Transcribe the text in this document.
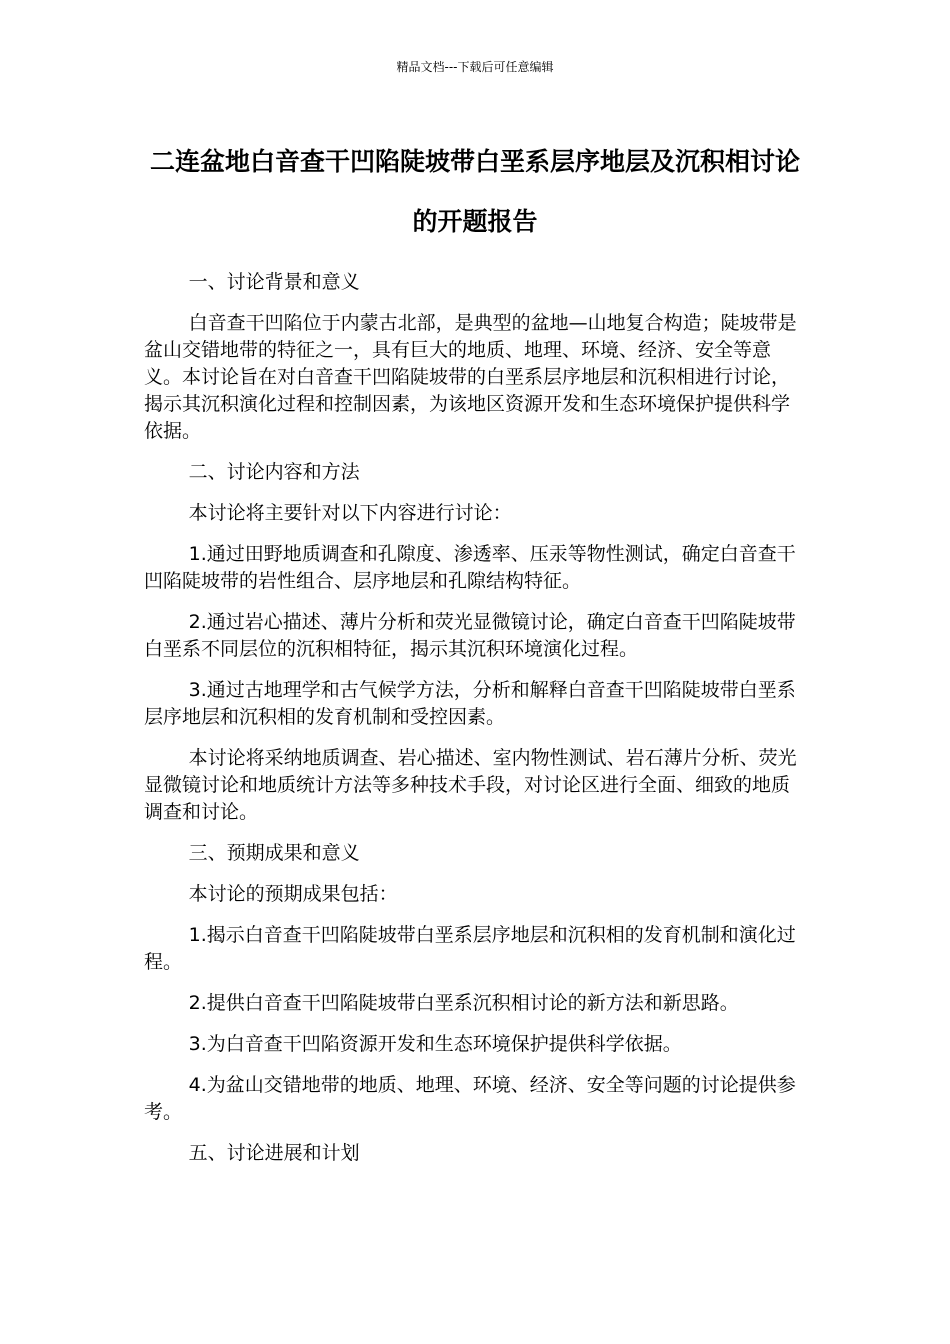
精品文档---下载后可任意编辑
二连盆地白音查干凹陷陡坡带白垩系层序地层及沉积相讨论的开题报告

一、讨论背景和意义

白音查干凹陷位于内蒙古北部，是典型的盆地—山地复合构造；陡坡带是盆山交错地带的特征之一，具有巨大的地质、地理、环境、经济、安全等意义。本讨论旨在对白音查干凹陷陡坡带的白垩系层序地层和沉积相进行讨论，揭示其沉积演化过程和控制因素，为该地区资源开发和生态环境保护提供科学依据。

二、讨论内容和方法

本讨论将主要针对以下内容进行讨论：

1.通过田野地质调查和孔隙度、渗透率、压汞等物性测试，确定白音查干凹陷陡坡带的岩性组合、层序地层和孔隙结构特征。

2.通过岩心描述、薄片分析和荧光显微镜讨论，确定白音查干凹陷陡坡带白垩系不同层位的沉积相特征，揭示其沉积环境演化过程。

3.通过古地理学和古气候学方法，分析和解释白音查干凹陷陡坡带白垩系层序地层和沉积相的发育机制和受控因素。

本讨论将采纳地质调查、岩心描述、室内物性测试、岩石薄片分析、荧光显微镜讨论和地质统计方法等多种技术手段，对讨论区进行全面、细致的地质调查和讨论。

三、预期成果和意义

本讨论的预期成果包括：

1.揭示白音查干凹陷陡坡带白垩系层序地层和沉积相的发育机制和演化过程。

2.提供白音查干凹陷陡坡带白垩系沉积相讨论的新方法和新思路。

3.为白音查干凹陷资源开发和生态环境保护提供科学依据。

4.为盆山交错地带的地质、地理、环境、经济、安全等问题的讨论提供参考。

五、讨论进展和计划
